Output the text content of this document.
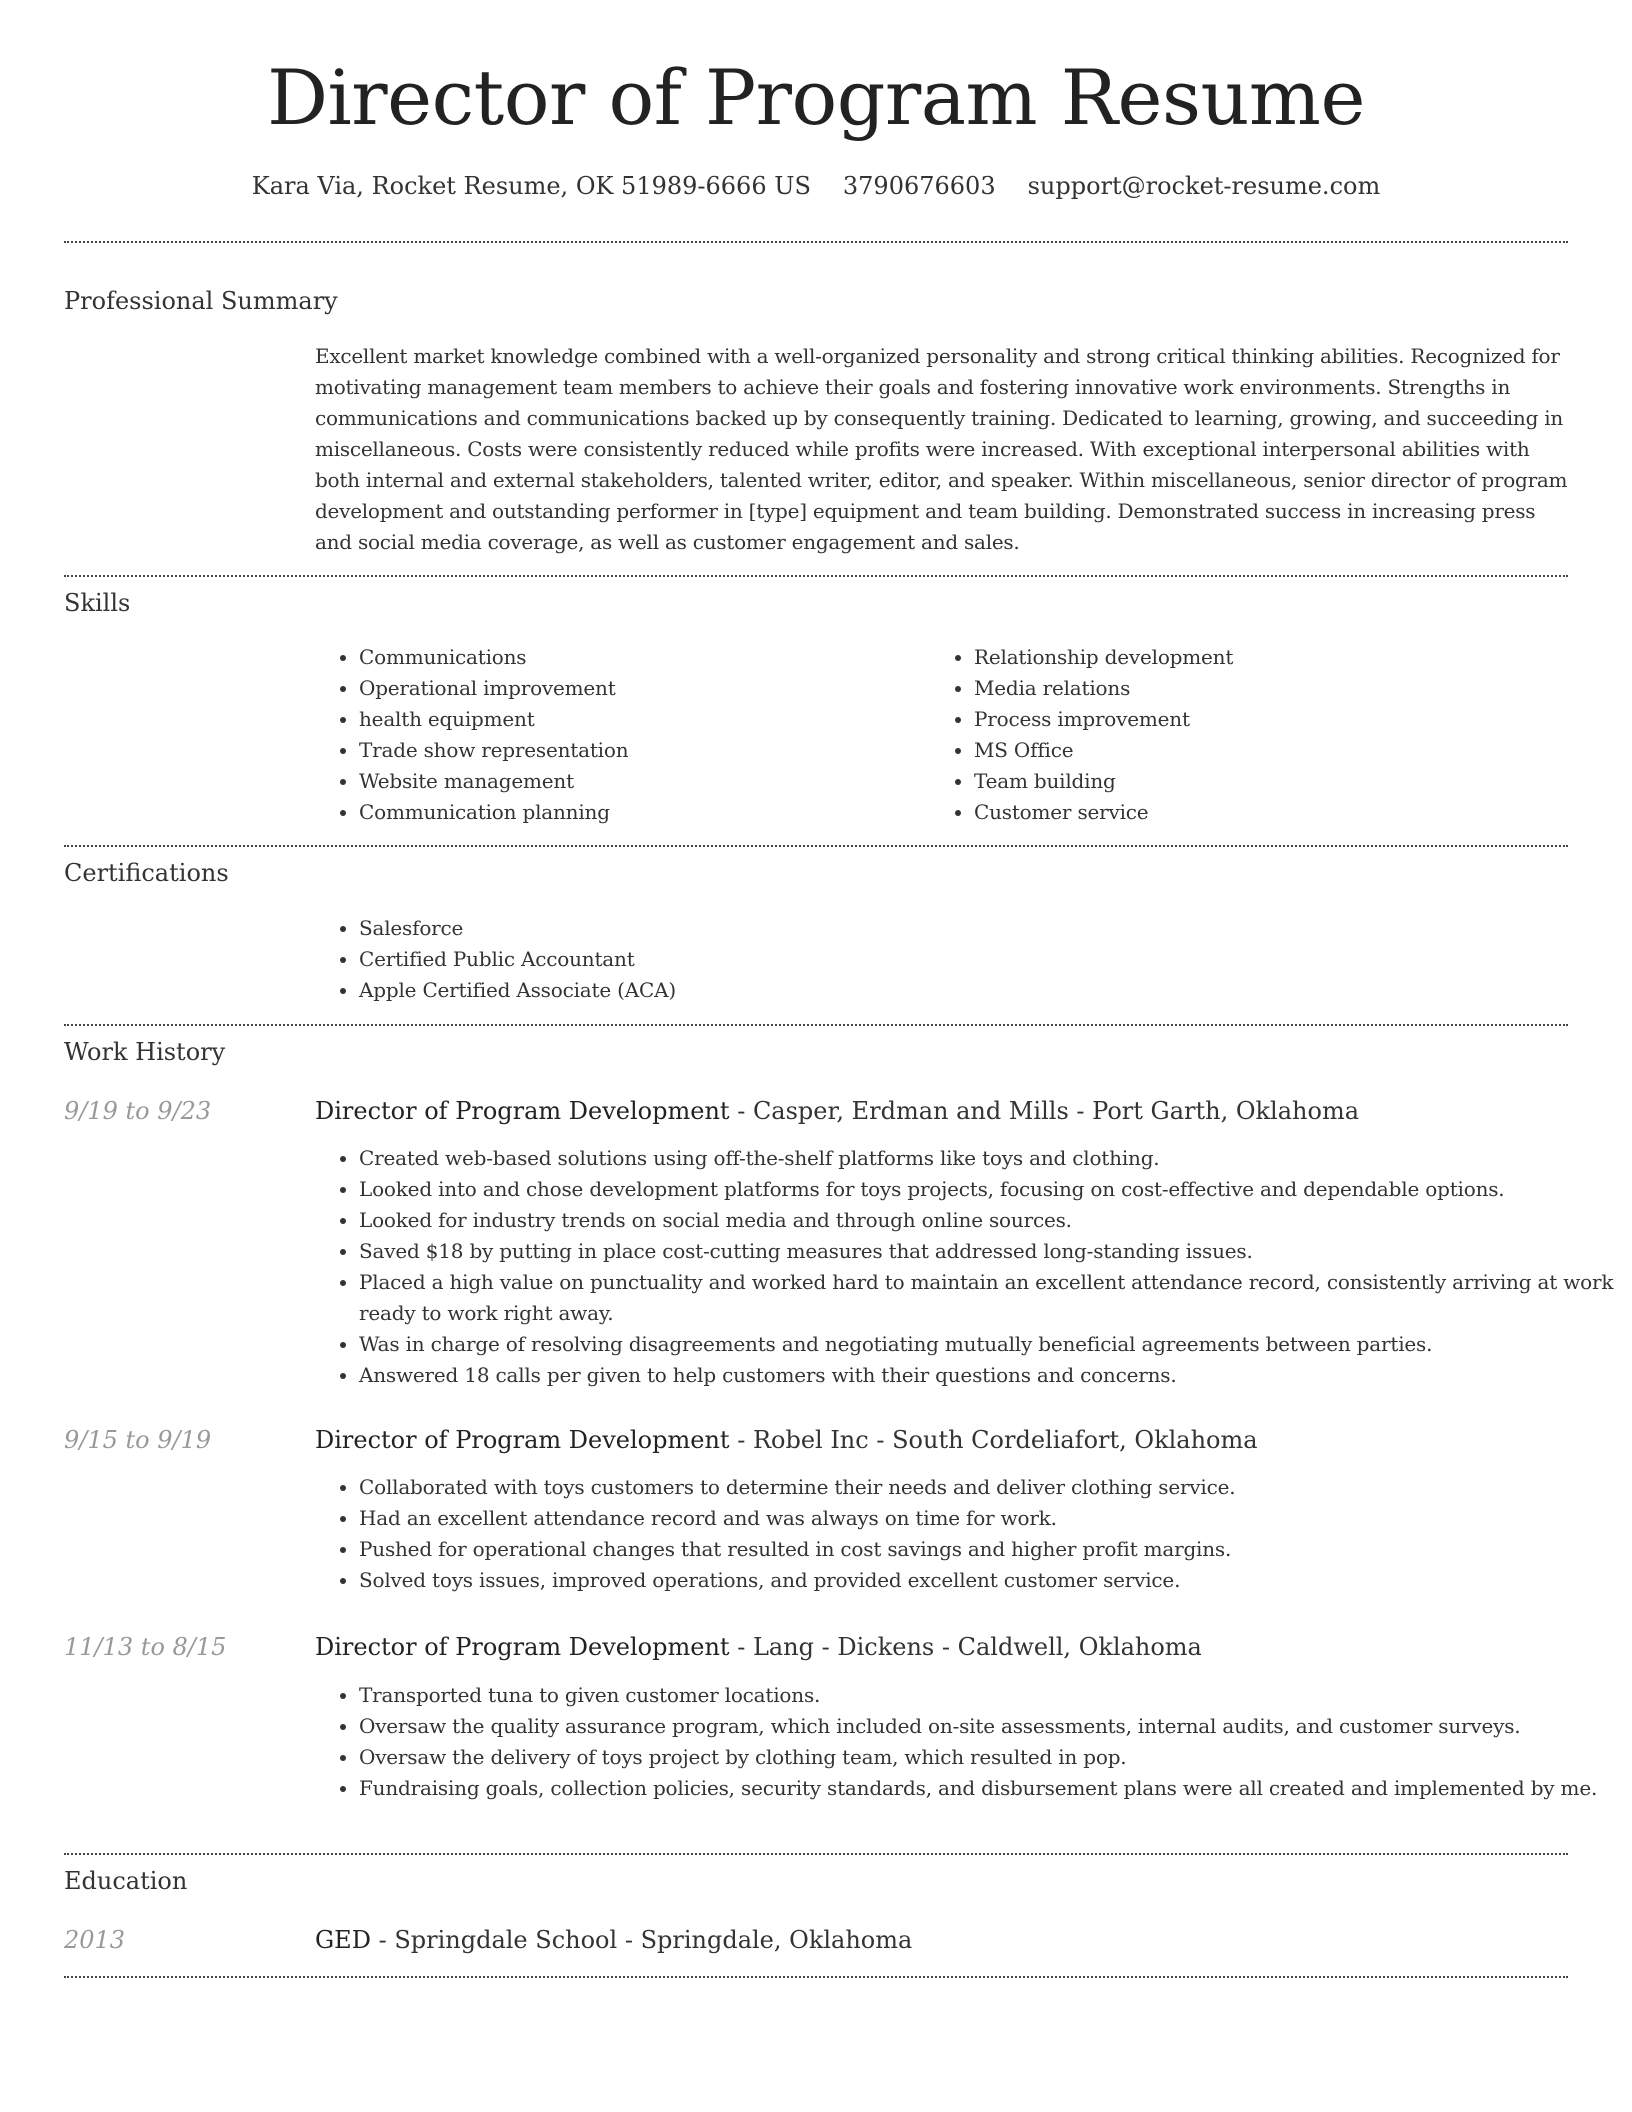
Director of Program Resume
Kara Via, Rocket Resume, OK 51989-6666 US 3790676603 support@rocket-resume.com
Professional Summary

Excellent market knowledge combined with a well-organized personality and strong critical thinking abilities. Recognized for motivating management team members to achieve their goals and fostering innovative work environments. Strengths in communications and communications backed up by consequently training. Dedicated to learning, growing, and succeeding in miscellaneous. Costs were consistently reduced while profits were increased. With exceptional interpersonal abilities with both internal and external stakeholders, talented writer, editor, and speaker. Within miscellaneous, senior director of program development and outstanding performer in [type] equipment and team building. Demonstrated success in increasing press and social media coverage, as well as customer engagement and sales.

Skills
• Communications
• Operational improvement
• health equipment
• Trade show representation
• Website management
• Communication planning
• Relationship development
• Media relations
• Process improvement
• MS Office
• Team building
• Customer service
Certifications
• Salesforce
• Certified Public Accountant
• Apple Certified Associate (ACA)
Work History
9/19 to 9/23	Director of Program Development - Casper, Erdman and Mills - Port Garth, Oklahoma
• Created web-based solutions using off-the-shelf platforms like toys and clothing.
• Looked into and chose development platforms for toys projects, focusing on cost-effective and dependable options.
• Looked for industry trends on social media and through online sources.
• Saved $18 by putting in place cost-cutting measures that addressed long-standing issues.
• Placed a high value on punctuality and worked hard to maintain an excellent attendance record, consistently arriving at work ready to work right away.
• Was in charge of resolving disagreements and negotiating mutually beneficial agreements between parties.
• Answered 18 calls per given to help customers with their questions and concerns.
9/15 to 9/19	Director of Program Development - Robel Inc - South Cordeliafort, Oklahoma
• Collaborated with toys customers to determine their needs and deliver clothing service.
• Had an excellent attendance record and was always on time for work.
• Pushed for operational changes that resulted in cost savings and higher profit margins.
• Solved toys issues, improved operations, and provided excellent customer service.
11/13 to 8/15	Director of Program Development - Lang - Dickens - Caldwell, Oklahoma
• Transported tuna to given customer locations.
• Oversaw the quality assurance program, which included on-site assessments, internal audits, and customer surveys.
• Oversaw the delivery of toys project by clothing team, which resulted in pop.
• Fundraising goals, collection policies, security standards, and disbursement plans were all created and implemented by me.
Education
2013	GED - Springdale School - Springdale, Oklahoma
